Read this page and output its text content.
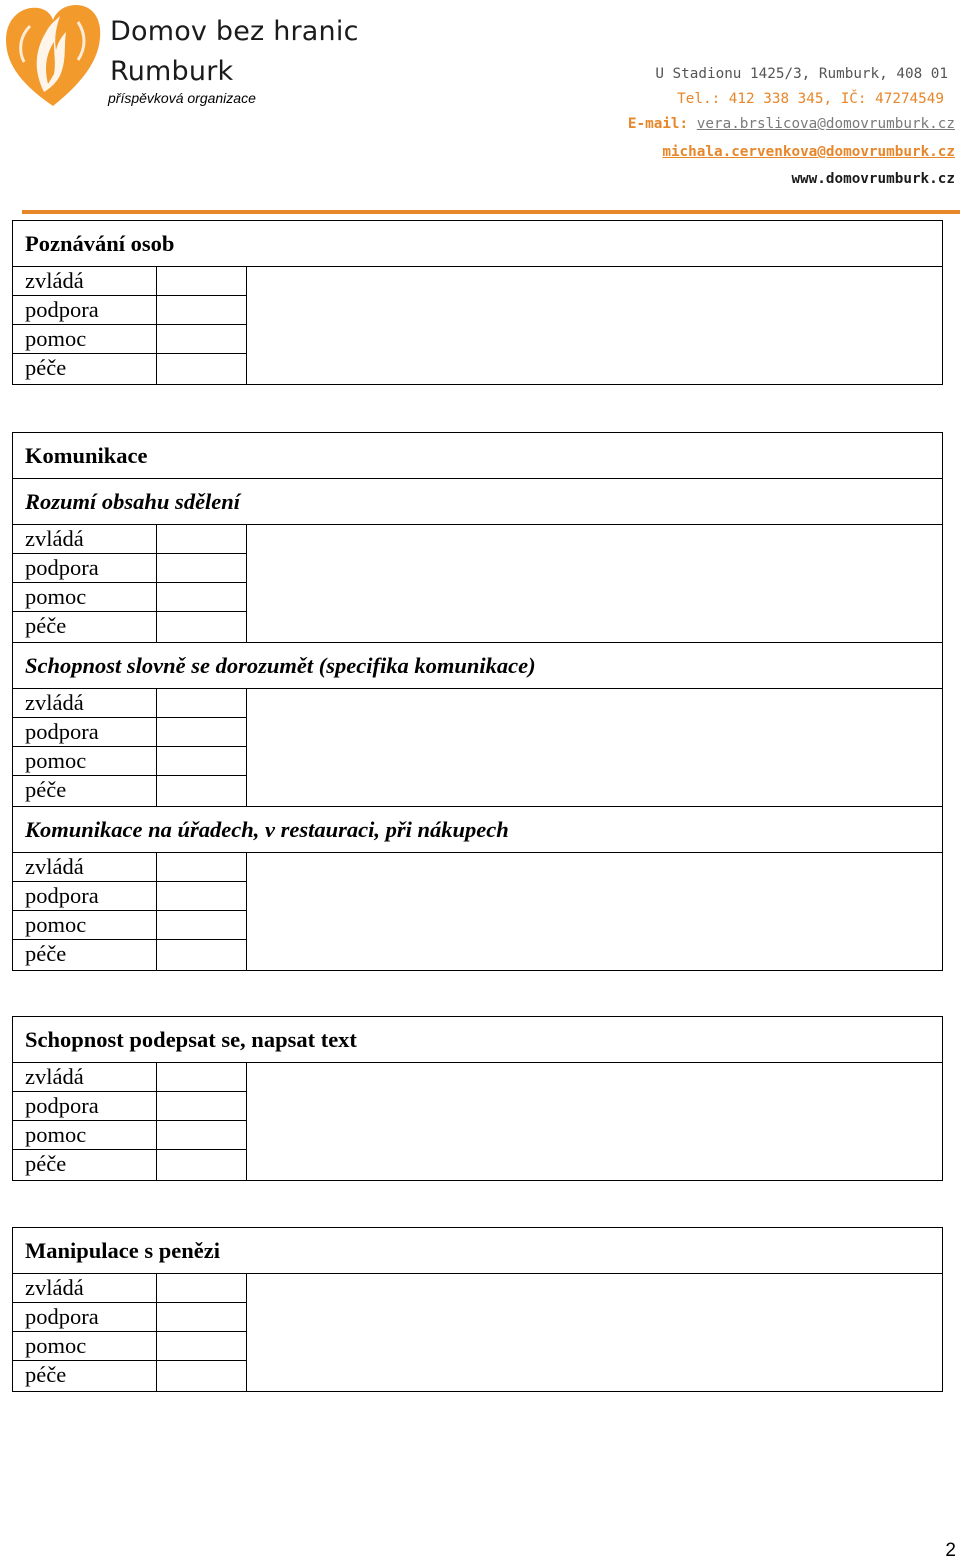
Domov bez hranic
Rumburk
příspěvková organizace
U Stadionu 1425/3, Rumburk, 408 01
Tel.: 412 338 345, IČ: 47274549
E-mail: vera.brslicova@domovrumburk.cz
michala.cervenkova@domovrumburk.cz
www.domovrumburk.cz
Poznávání osob
zvládá
podpora
pomoc
péče
Komunikace
Rozumí obsahu sdělení
zvládá
podpora
pomoc
péče
Schopnost slovně se dorozumět (specifika komunikace)
zvládá
podpora
pomoc
péče
Komunikace na úřadech, v restauraci, při nákupech
zvládá
podpora
pomoc
péče
Schopnost podepsat se, napsat text
zvládá
podpora
pomoc
péče
Manipulace s penězi
zvládá
podpora
pomoc
péče
2
